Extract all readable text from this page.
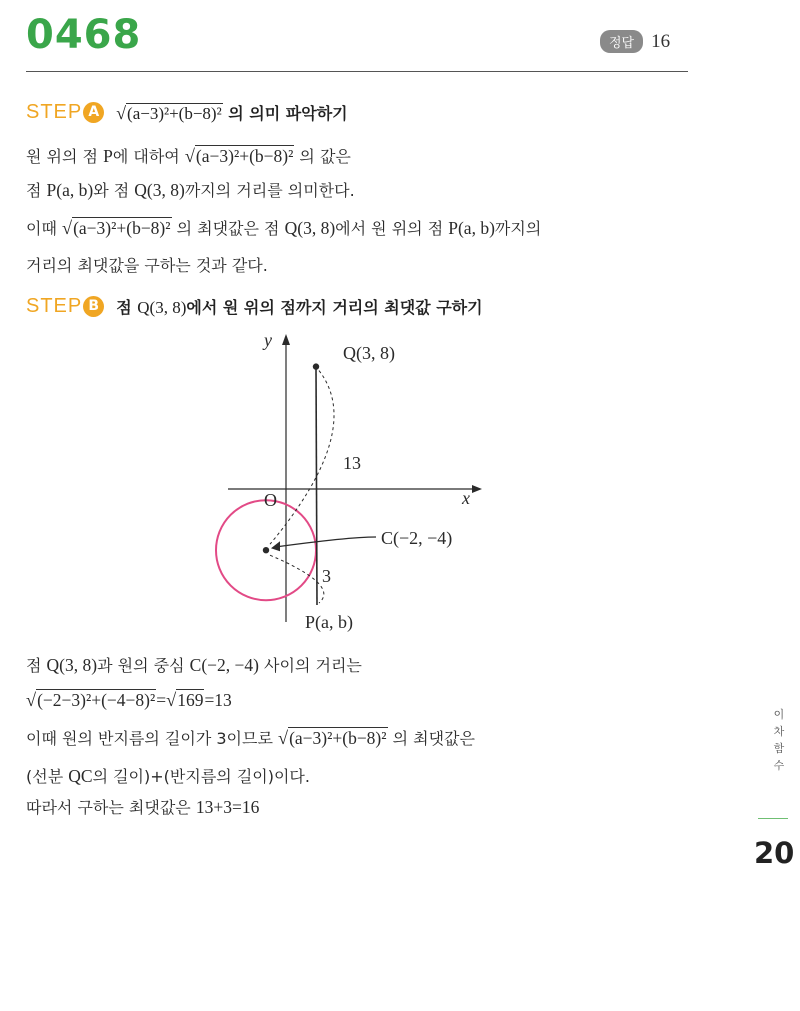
0468	정답 16
STEP A √(a−3)²+(b−8)² 의 의미 파악하기
원 위의 점 P에 대하여 √(a−3)²+(b−8)² 의 값은
점 P(a, b)와 점 Q(3, 8)까지의 거리를 의미한다.
이때 √(a−3)²+(b−8)² 의 최댓값은 점 Q(3, 8)에서 원 위의 점 P(a, b)까지의
거리의 최댓값을 구하는 것과 같다.
STEP B	점 Q(3, 8)에서 원 위의 점까지 거리의 최댓값 구하기
y
x
O
Q(3, 8)
C(−2, −4)
P(a, b)
13
3
점 Q(3, 8)과 원의 중심 C(−2, −4) 사이의 거리는
√(−2−3)²+(−4−8)²=√169=13
이때 원의 반지름의 길이가 3이므로 √(a−3)²+(b−8)² 의 최댓값은
(선분 QC의 길이)+(반지름의 길이)이다.
따라서 구하는 최댓값은 13+3=16
이차함수
20
